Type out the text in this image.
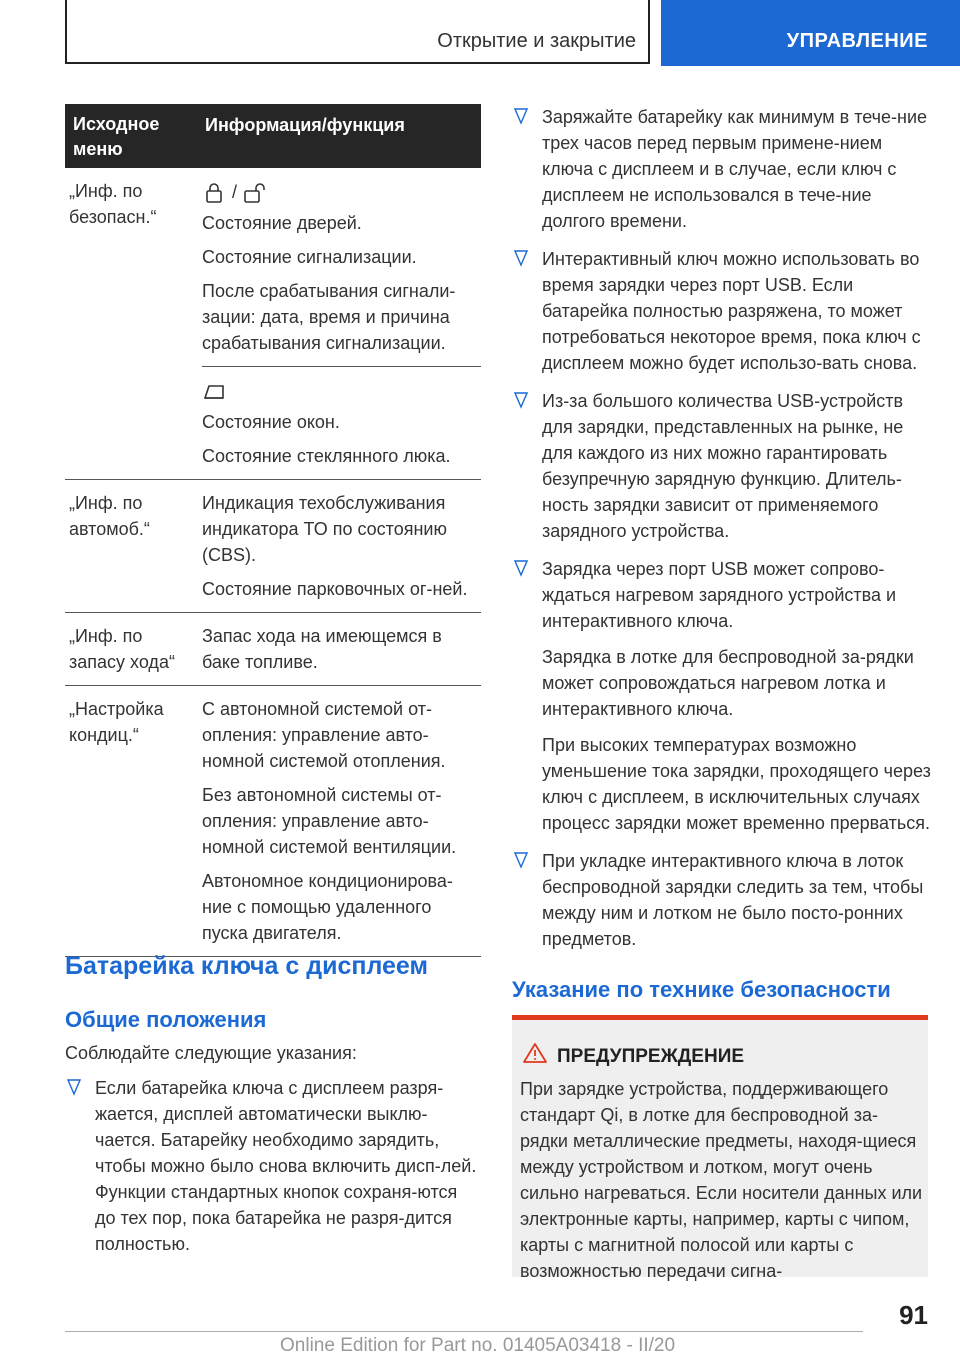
Открытие и закрытие	УПРАВЛЕНИЕ
Исходное меню
Информация/функция
„Инф. по безопасн.“
/

Состояние дверей.

Состояние сигнализации.

После срабатывания сигнали-зации: дата, время и причина срабатывания сигнализации.

Состояние окон.

Состояние стеклянного люка.

„Инф. по автомоб.“

Индикация техобслуживания индикатора ТО по состоянию (CBS).

Состояние парковочных ог-ней.

„Инф. по запасу хода“

Запас хода на имеющемся в баке топливе.

„Настройка кондиц.“

С автономной системой от-опления: управление авто-номной системой отопления.

Без автономной системы от-опления: управление авто-номной системой вентиляции.

Автономное кондиционирова-ние с помощью удаленного пуска двигателя.

Батарейка ключа с дисплеем
Общие положения
Соблюдайте следующие указания:

Если батарейка ключа с дисплеем разря-жается, дисплей автоматически выклю-чается. Батарейку необходимо зарядить, чтобы можно было снова включить дисп-лей. Функции стандартных кнопок сохраня-ются до тех пор, пока батарейка не разря-дится полностью.

Заряжайте батарейку как минимум в тече-ние трех часов перед первым примене-нием ключа с дисплеем и в случае, если ключ с дисплеем не использовался в тече-ние долгого времени.

Интерактивный ключ можно использовать во время зарядки через порт USB. Если батарейка полностью разряжена, то может потребоваться некоторое время, пока ключ с дисплеем можно будет использо-вать снова.

Из-за большого количества USB-устройств для зарядки, представленных на рынке, не для каждого из них можно гарантировать безупречную зарядную функцию. Длитель-ность зарядки зависит от применяемого зарядного устройства.

Зарядка через порт USB может сопрово-ждаться нагревом зарядного устройства и интерактивного ключа.

Зарядка в лотке для беспроводной за-рядки может сопровождаться нагревом лотка и интерактивного ключа.

При высоких температурах возможно уменьшение тока зарядки, проходящего через ключ с дисплеем, в исключительных случаях процесс зарядки может временно прерваться.

При укладке интерактивного ключа в лоток беспроводной зарядки следить за тем, чтобы между ним и лотком не было посто-ронних предметов.

Указание по технике безопасности
ПРЕДУПРЕЖДЕНИЕ
При зарядке устройства, поддерживающего стандарт Qi, в лотке для беспроводной за-рядки металлические предметы, находя-щиеся между устройством и лотком, могут очень сильно нагреваться. Если носители данных или электронные карты, например, карты с чипом, карты с магнитной полосой или карты с возможностью передачи сигна-
91
Online Edition for Part no. 01405A03418 - II/20
